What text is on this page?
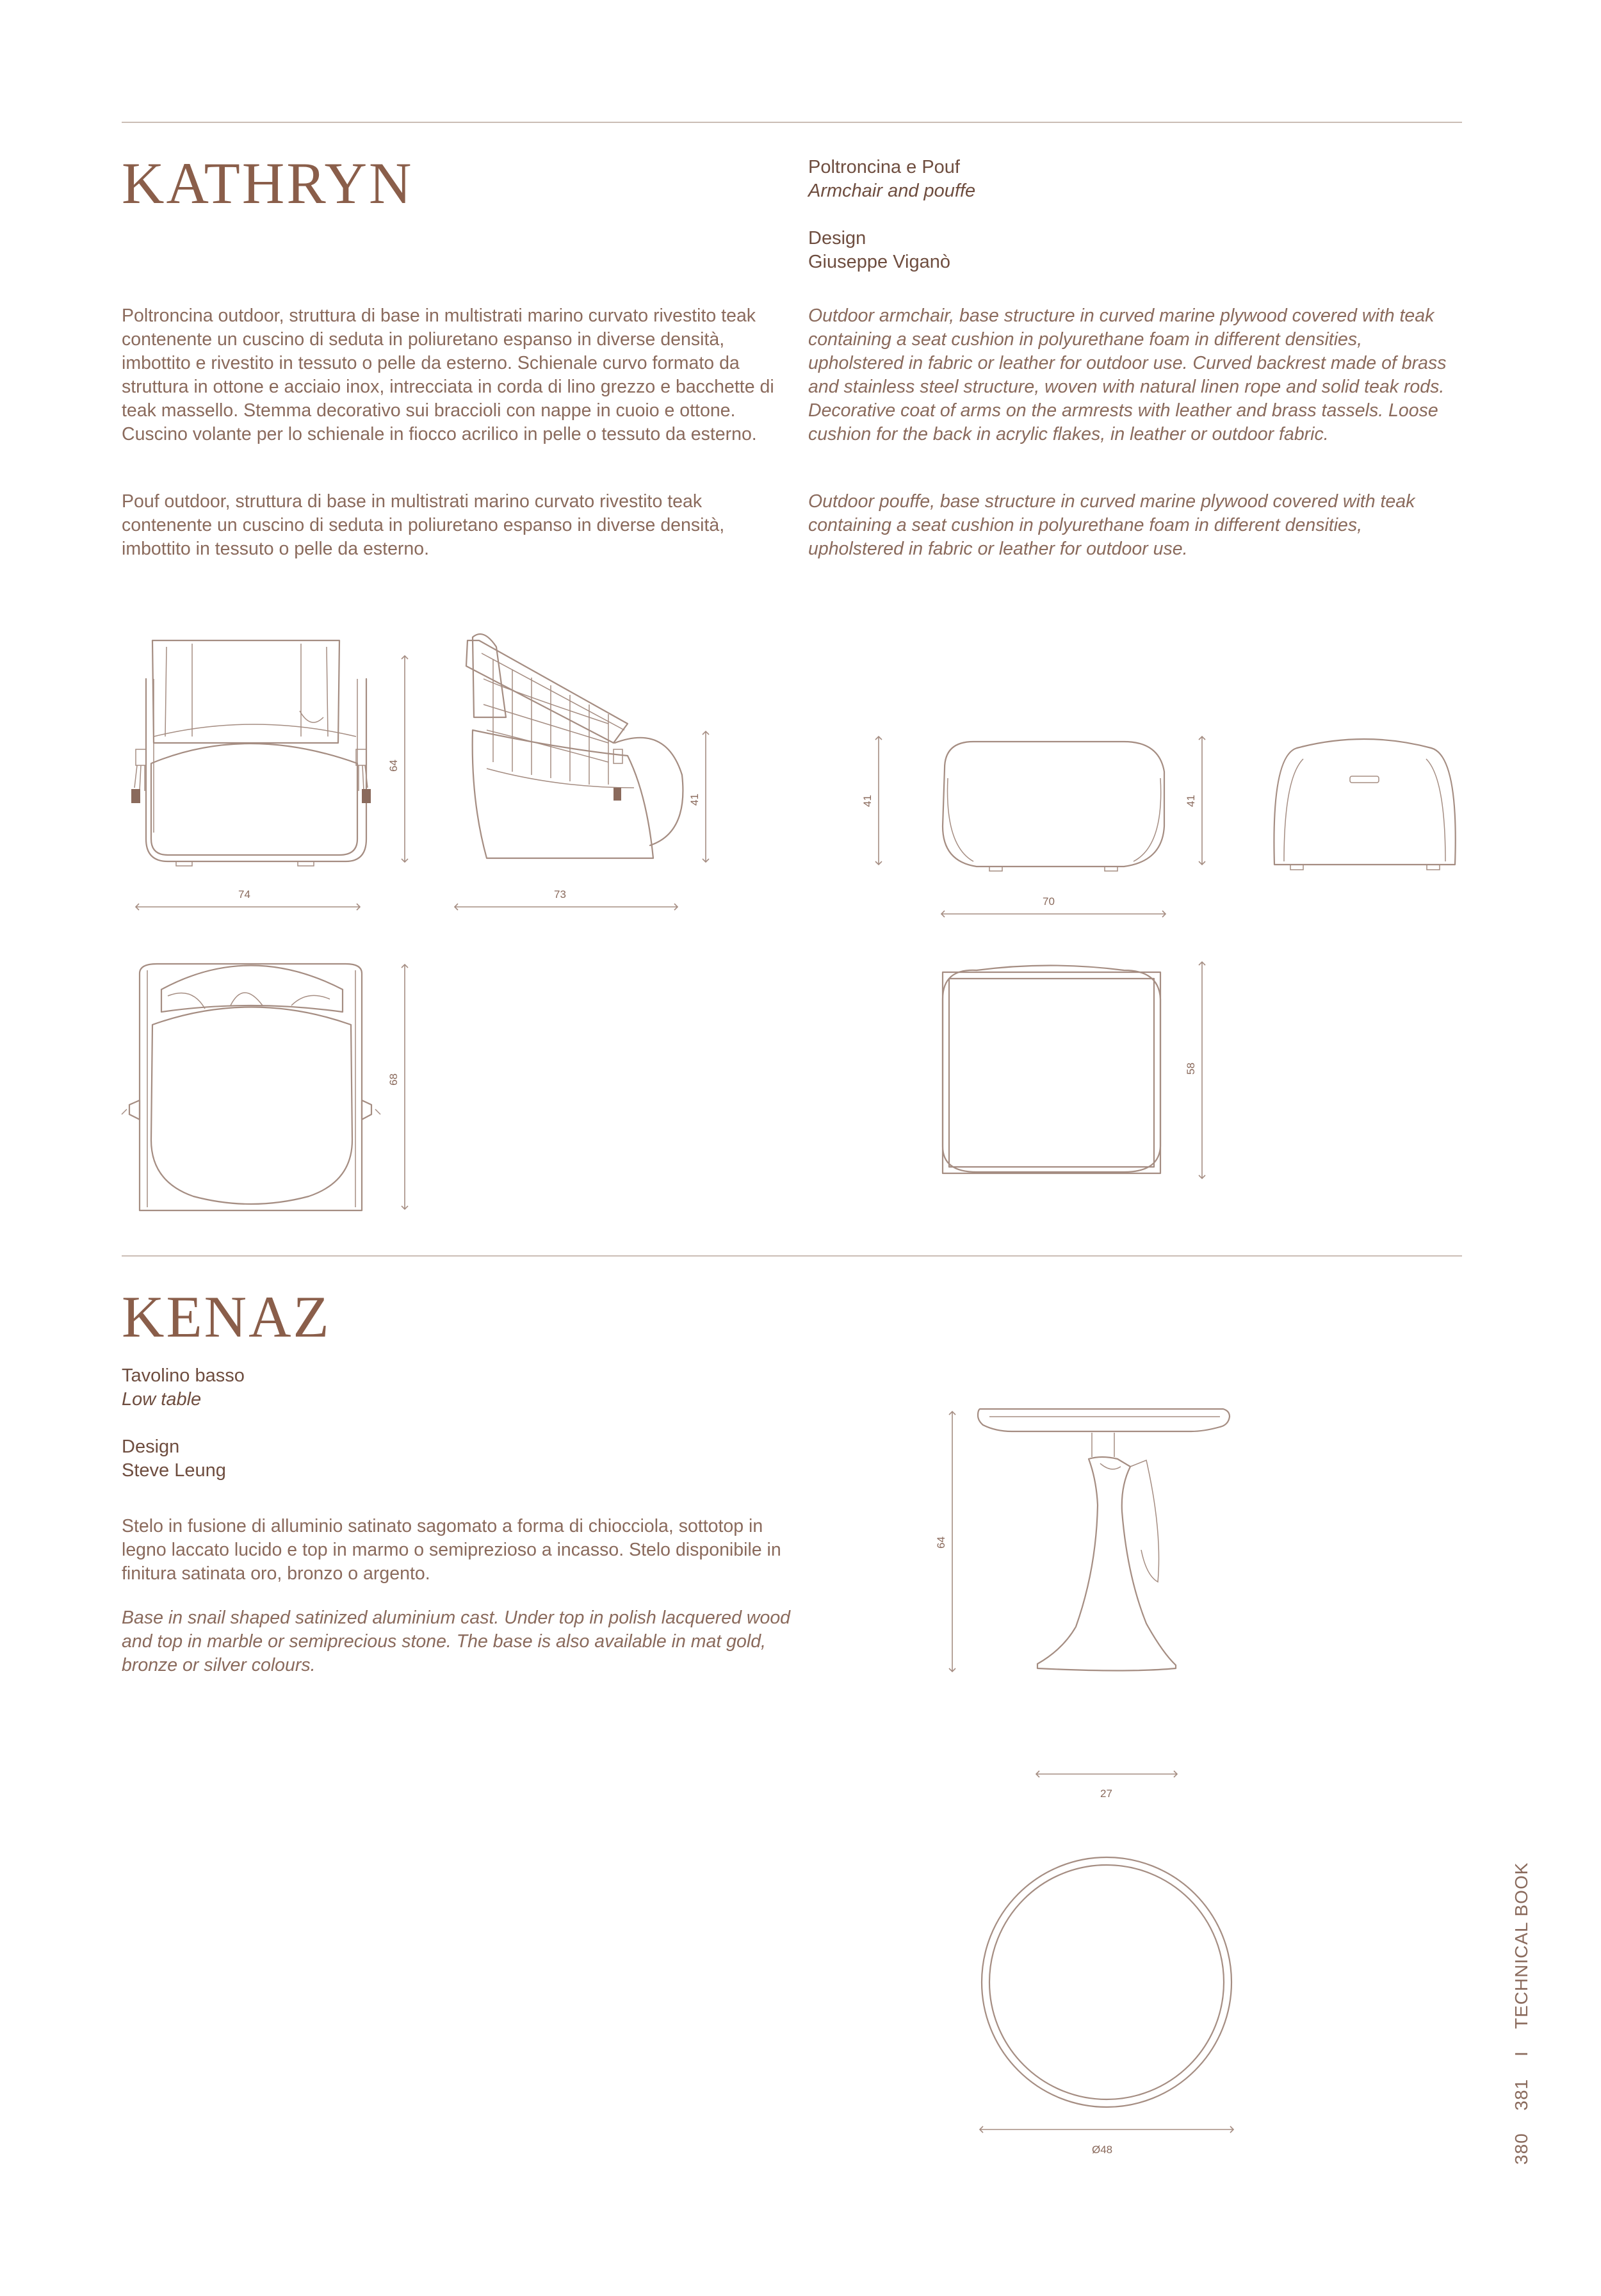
KATHRYN	Poltroncina e Pouf
Armchair and pouffe
Design
Giuseppe Viganò

Poltroncina outdoor, struttura di base in multistrati marino curvato rivestito teak contenente un cuscino di seduta in poliuretano espanso in diverse densità, imbottito e rivestito in tessuto o pelle da esterno. Schienale curvo formato da struttura in ottone e acciaio inox, intrecciata in corda di lino grezzo e bacchette di teak massello. Stemma decorativo sui braccioli con nappe in cuoio e ottone. Cuscino volante per lo schienale in fiocco acrilico in pelle o tessuto da esterno.

Pouf outdoor, struttura di base in multistrati marino curvato rivestito teak contenente un cuscino di seduta in poliuretano espanso in diverse densità, imbottito in tessuto o pelle da esterno.

Outdoor armchair, base structure in curved marine plywood covered with teak containing a seat cushion in polyurethane foam in different densities, upholstered in fabric or leather for outdoor use. Curved backrest made of brass and stainless steel structure, woven with natural linen rope and solid teak rods. Decorative coat of arms on the armrests with leather and brass tassels. Loose cushion for the back in acrylic flakes, in leather or outdoor fabric.

Outdoor pouffe, base structure in curved marine plywood covered with teak containing a seat cushion in polyurethane foam in different densities, upholstered in fabric or leather for outdoor use.

KENAZ
Tavolino basso
Low table
Design
Steve Leung

Stelo in fusione di alluminio satinato sagomato a forma di chiocciola, sottotop in legno laccato lucido e top in marmo o semiprezioso a incasso. Stelo disponibile in finitura satinata oro, bronzo o argento.

Base in snail shaped satinized aluminium cast. Under top in polish lacquered wood and top in marble or semiprecious stone. The base is also available in mat gold, bronze or silver colours.

74
64
73
41
68
41
70
41
58
64
27
Ø48	380 381 I TECHNICAL BOOK
